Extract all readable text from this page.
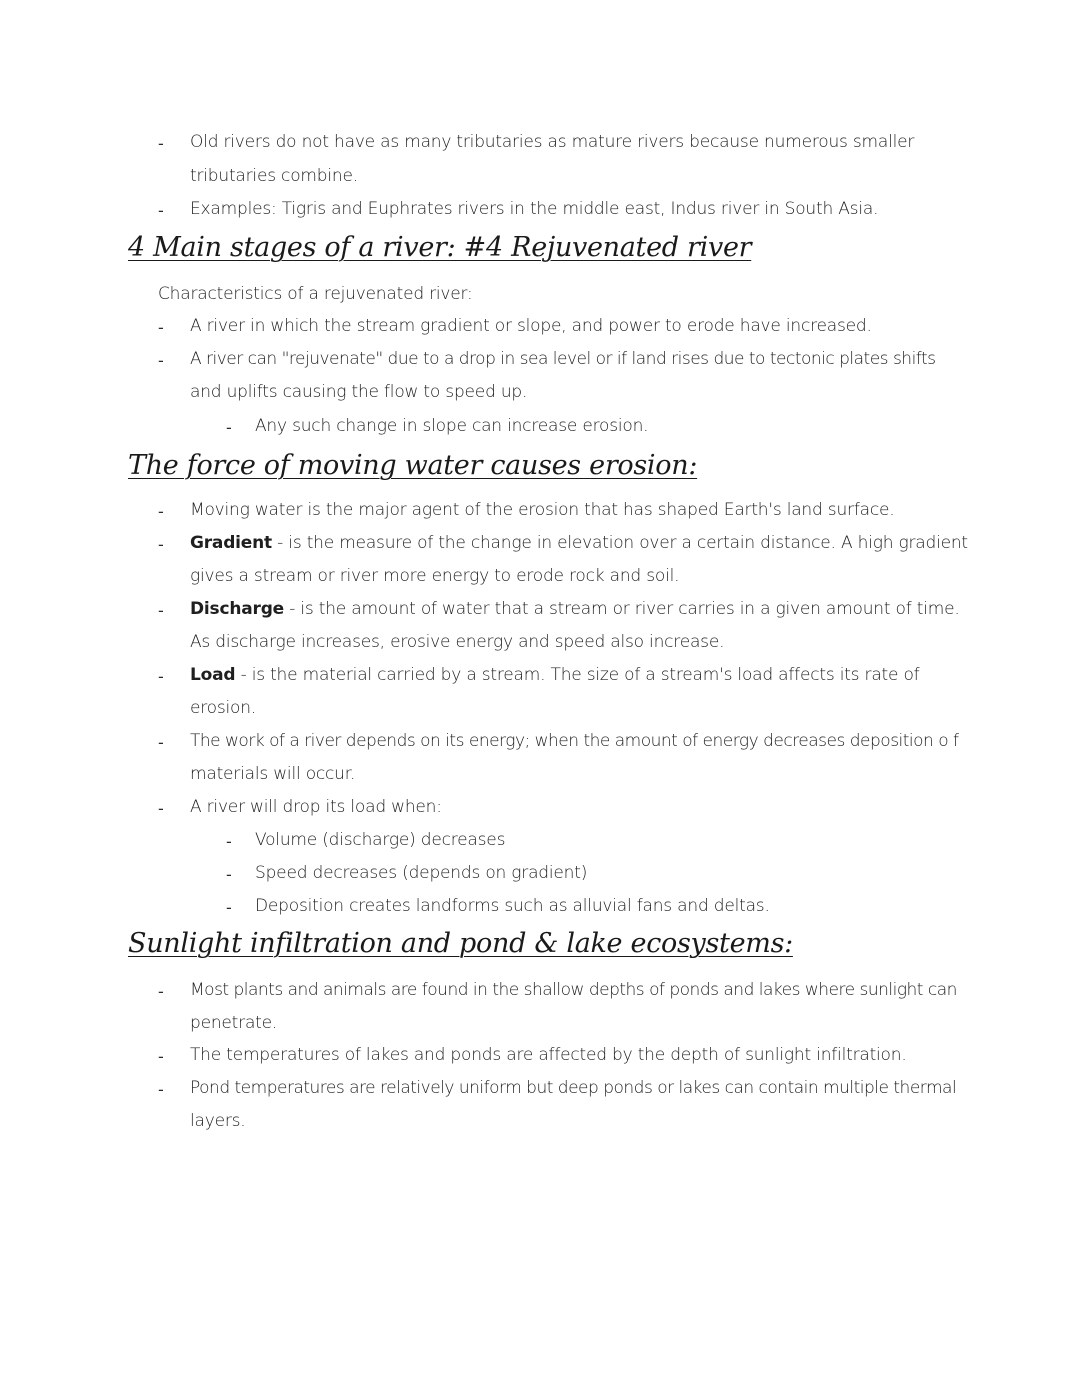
- Old rivers do not have as many tributaries as mature rivers because numerous smaller
tributaries combine.
- Examples: Tigris and Euphrates rivers in the middle east, Indus river in South Asia.
4 Main stages of a river: #4 Rejuvenated river
Characteristics of a rejuvenated river:
- A river in which the stream gradient or slope, and power to erode have increased.
- A river can "rejuvenate" due to a drop in sea level or if land rises due to tectonic plates shifts
and uplifts causing the flow to speed up.
- Any such change in slope can increase erosion.
The force of moving water causes erosion:
- Moving water is the major agent of the erosion that has shaped Earth's land surface.
- Gradient - is the measure of the change in elevation over a certain distance. A high gradient
gives a stream or river more energy to erode rock and soil.
- Discharge - is the amount of water that a stream or river carries in a given amount of time.
As discharge increases, erosive energy and speed also increase.
- Load - is the material carried by a stream. The size of a stream's load affects its rate of
erosion.
- The work of a river depends on its energy; when the amount of energy decreases deposition o f
materials will occur.
- A river will drop its load when:
- Volume (discharge) decreases
- Speed decreases (depends on gradient)
- Deposition creates landforms such as alluvial fans and deltas.
Sunlight infiltration and pond & lake ecosystems:
- Most plants and animals are found in the shallow depths of ponds and lakes where sunlight can
penetrate.
- The temperatures of lakes and ponds are affected by the depth of sunlight infiltration.
- Pond temperatures are relatively uniform but deep ponds or lakes can contain multiple thermal
layers.
